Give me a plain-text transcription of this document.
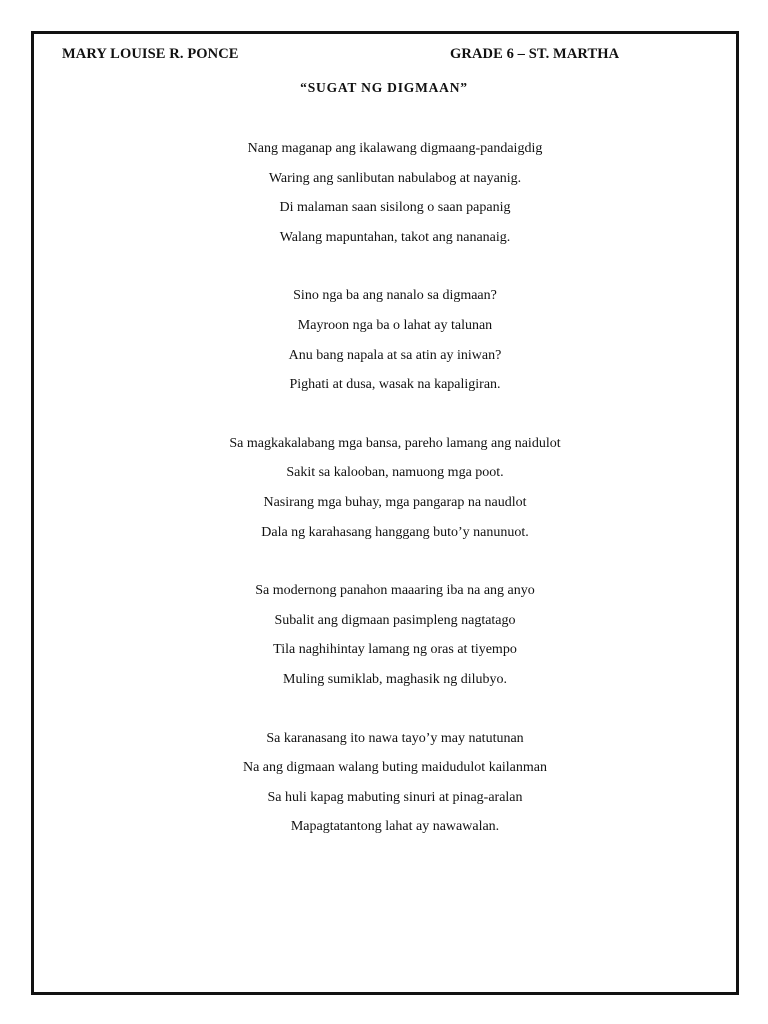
MARY LOUISE R. PONCE	GRADE 6 – ST. MARTHA
“SUGAT NG DIGMAAN”
Nang maganap ang ikalawang digmaang-pandaigdig
Waring ang sanlibutan nabulabog at nayanig.
Di malaman saan sisilong o saan papanig
Walang mapuntahan, takot ang nananaig.
Sino nga ba ang nanalo sa digmaan?
Mayroon nga ba o lahat ay talunan
Anu bang napala at sa atin ay iniwan?
Pighati at dusa, wasak na kapaligiran.
Sa magkakalabang mga bansa, pareho lamang ang naidulot
Sakit sa kalooban, namuong mga poot.
Nasirang mga buhay, mga pangarap na naudlot
Dala ng karahasang hanggang buto’y nanunuot.
Sa modernong panahon maaaring iba na ang anyo
Subalit ang digmaan pasimpleng nagtatago
Tila naghihintay lamang ng oras at tiyempo
Muling sumiklab, maghasik ng dilubyo.
Sa karanasang ito nawa tayo’y may natutunan
Na ang digmaan walang buting maidudulot kailanman
Sa huli kapag mabuting sinuri at pinag-aralan
Mapagtatantong lahat ay nawawalan.
